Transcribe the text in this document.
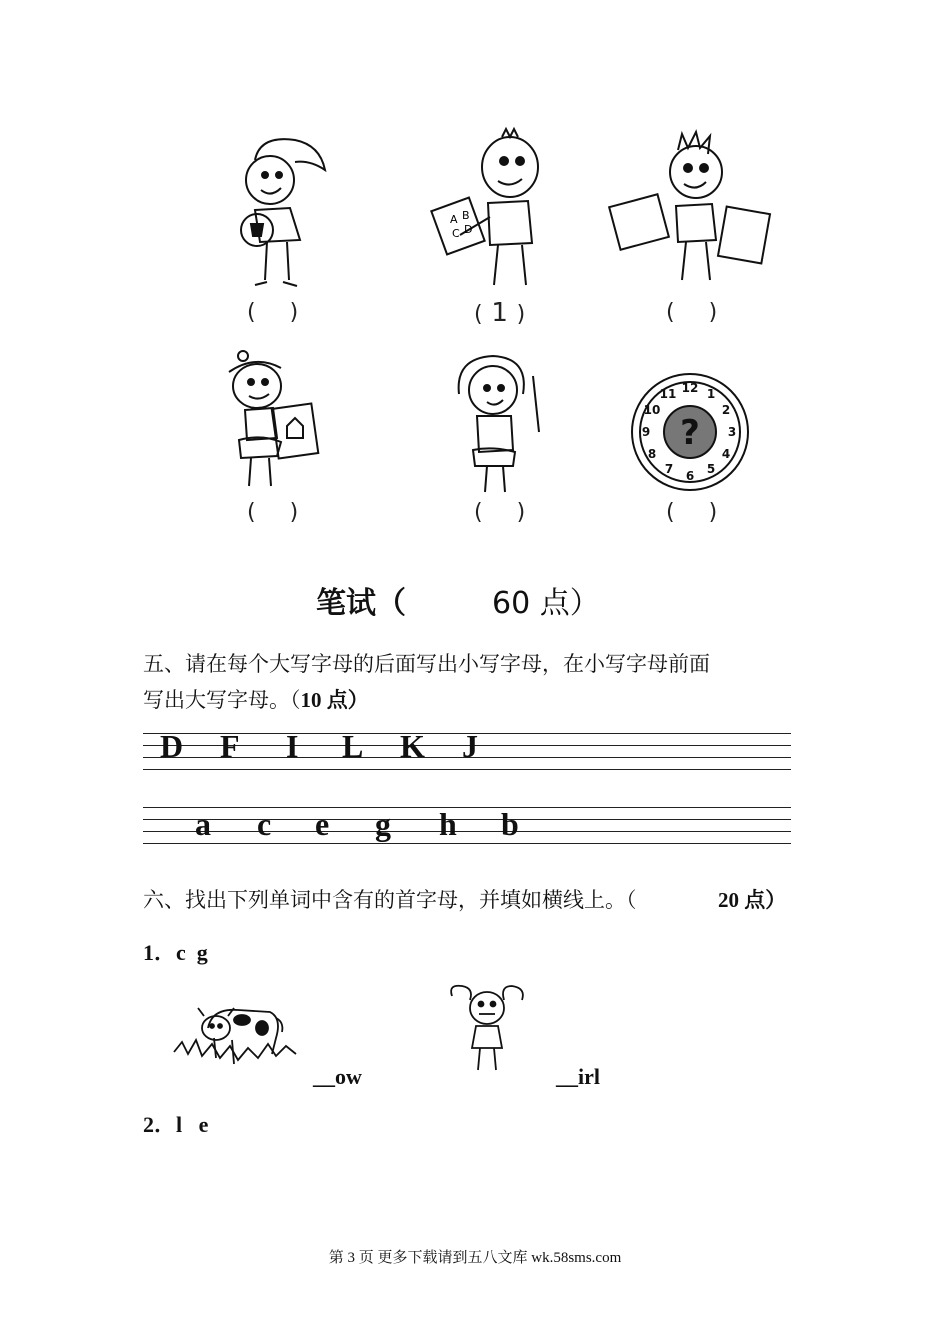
A B
C D
( )	( 1 )	( )
?
12 1
2
3
4
5
6
7
8
9
10
11
( )	( )	( )
笔试（	60 点）
五、请在每个大写字母的后面写出小写字母，在小写字母前面
写出大写字母。（10 点）
D F I L K J
a c e g h b
六、找出下列单词中含有的首字母，并填如横线上。（	20 点）
1．c  g
__ow	__irl
2．l   e
第 3 页 更多下载请到五八文库 wk.58sms.com
